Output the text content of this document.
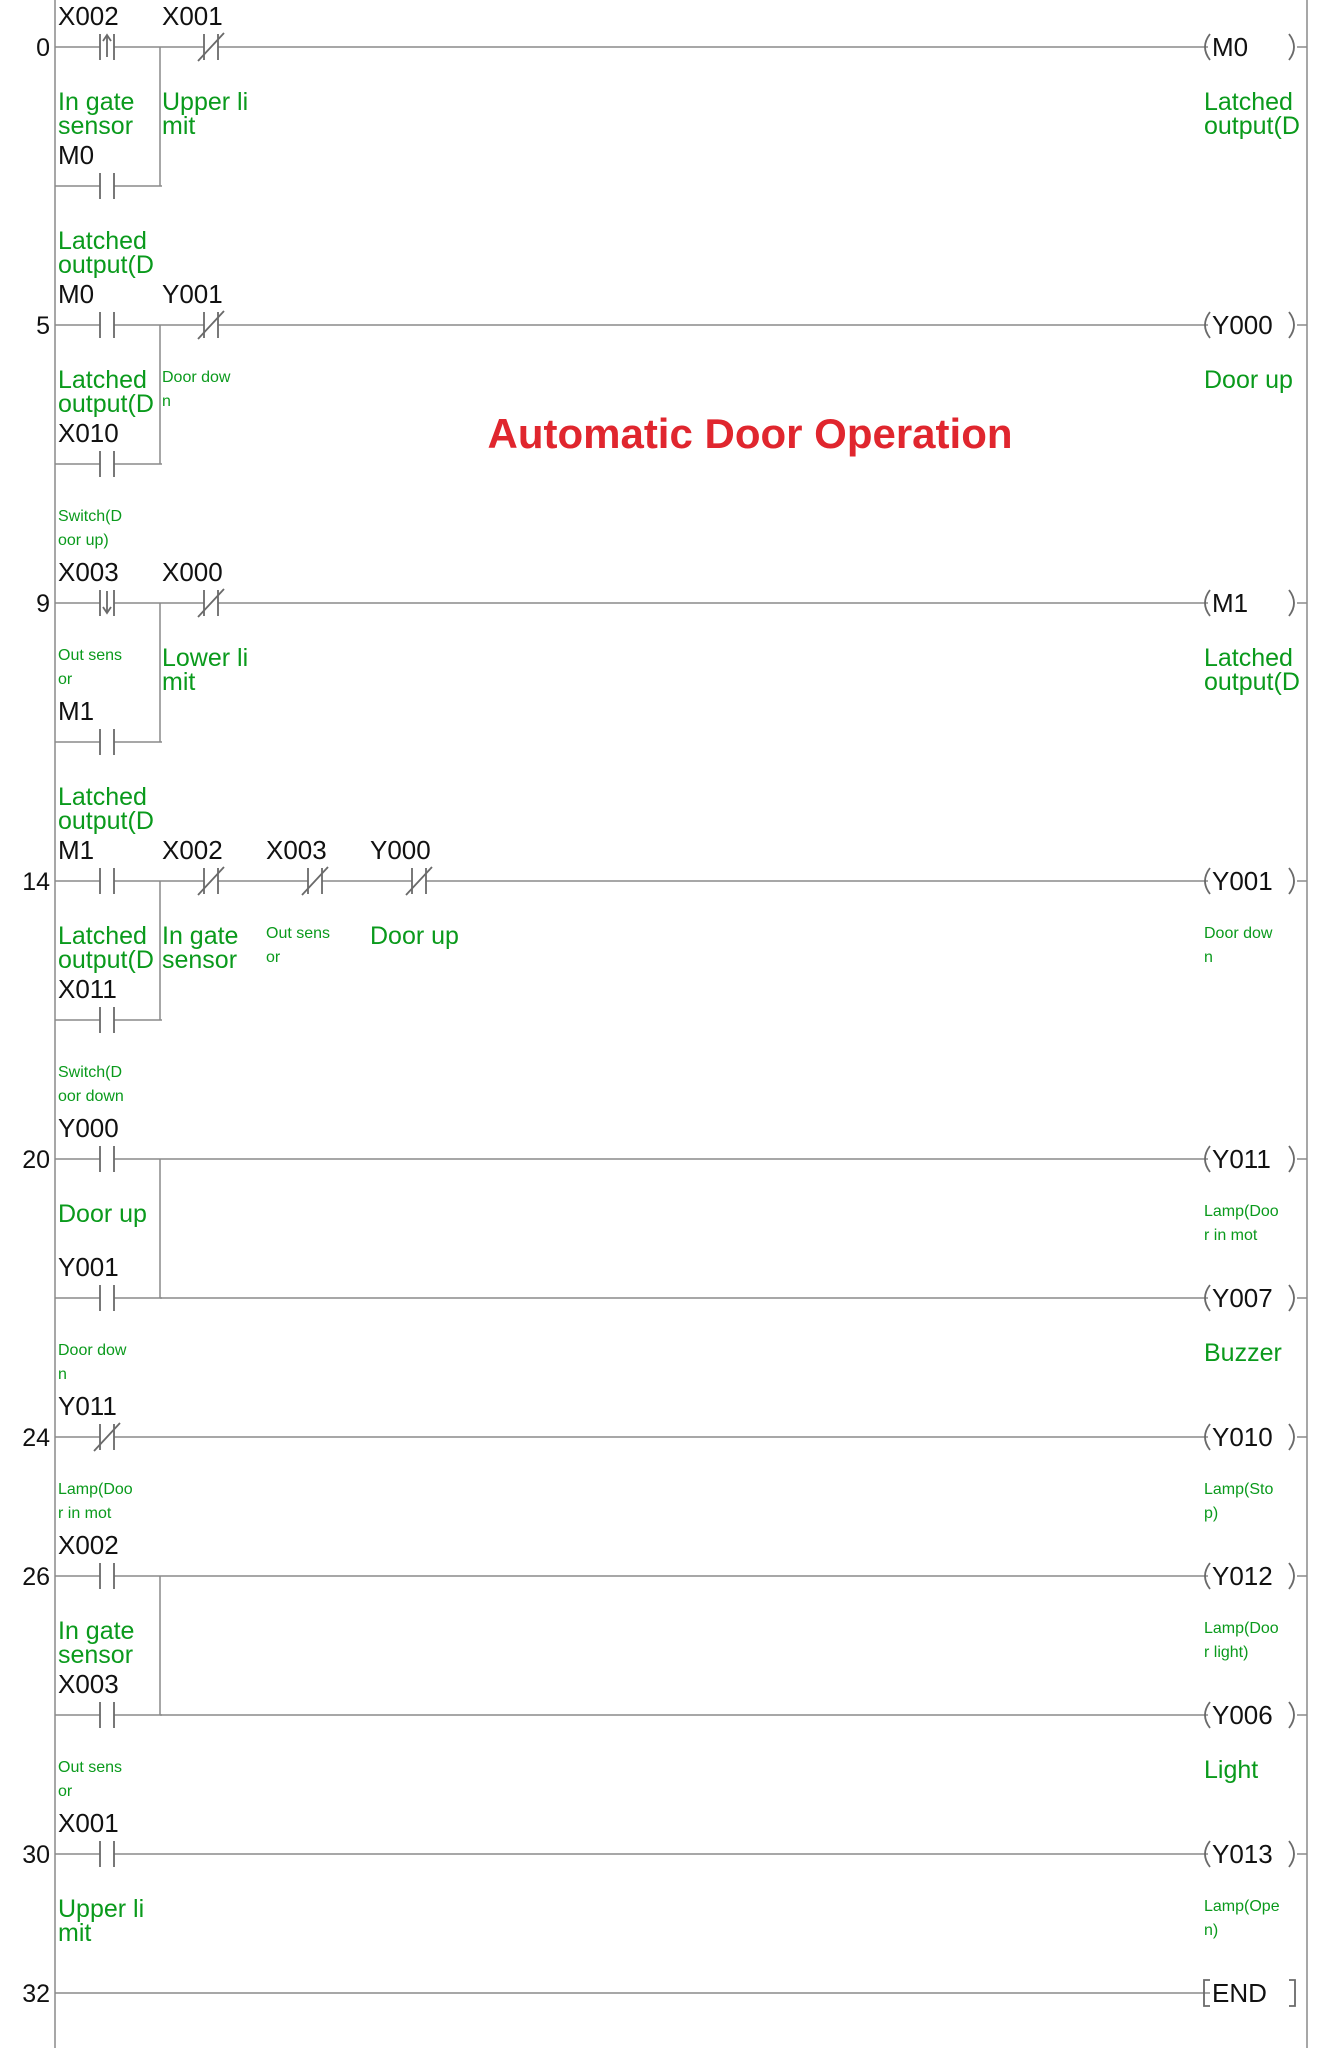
0
X002
In gate
sensor
X001
Upper li
mit
M0
Latched
output(D
M0
Latched
output(D
5
M0
Latched
output(D
Y001
Door dow
n
X010
Switch(D
oor up)
Y000
Door up
9
X003
Out sens
or
X000
Lower li
mit
M1
Latched
output(D
M1
Latched
output(D
14
M1
Latched
output(D
X002
In gate
sensor
X003
Out sens
or
Y000
Door up
X011
Switch(D
oor down
Y001
Door dow
n
20
Y000
Door up
Y001
Door dow
n
Y011
Lamp(Doo
r in mot
Y007
Buzzer
24
Y011
Lamp(Doo
r in mot
Y010
Lamp(Sto
p)
26
X002
In gate
sensor
X003
Out sens
or
Y012
Lamp(Doo
r light)
Y006
Light
30
X001
Upper li
mit
Y013
Lamp(Ope
n)
32	END
Automatic Door Operation
